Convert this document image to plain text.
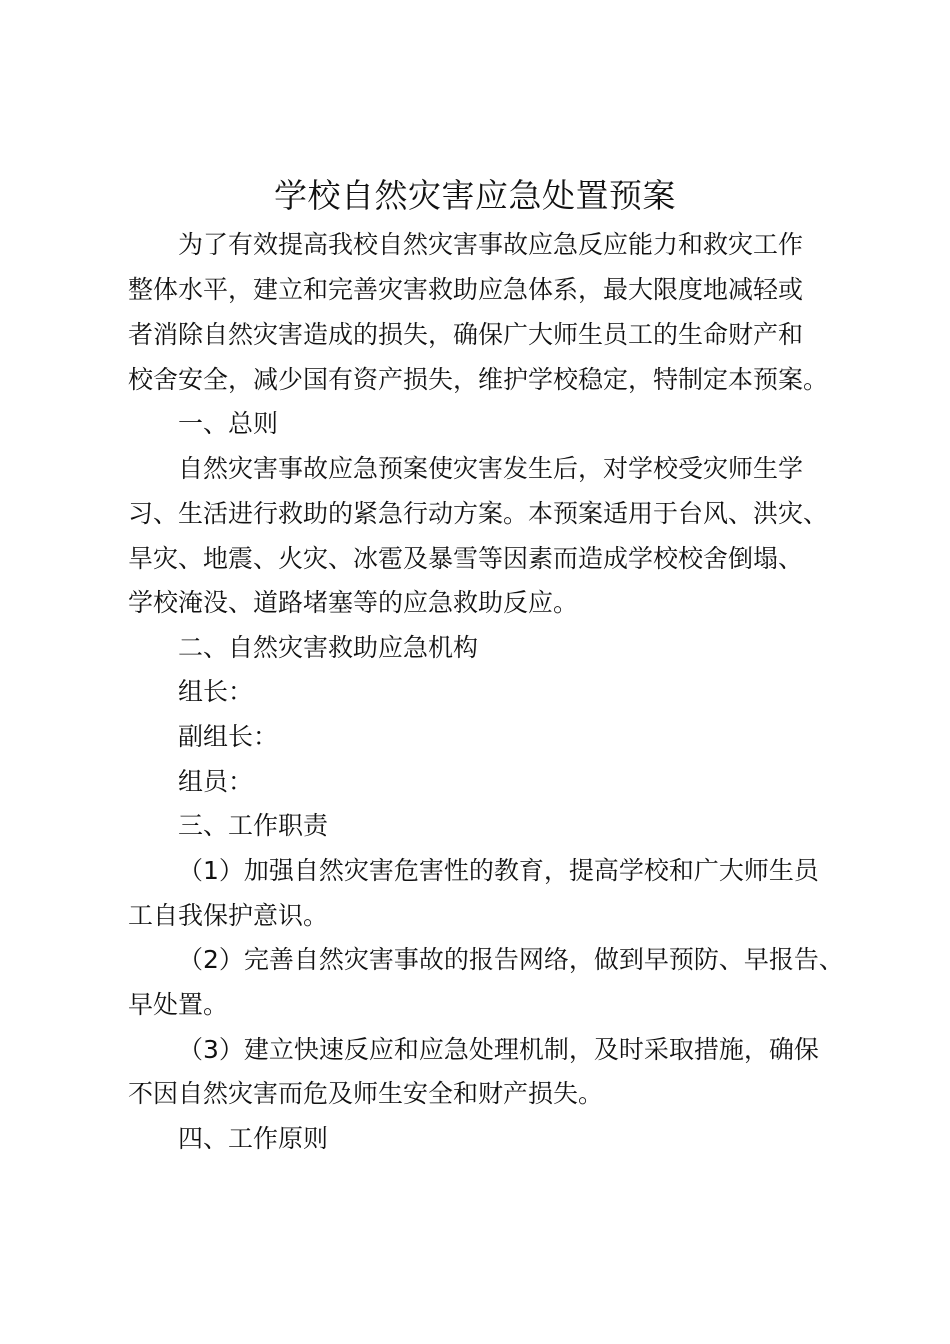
学校自然灾害应急处置预案
为了有效提高我校自然灾害事故应急反应能力和救灾工作
整体水平，建立和完善灾害救助应急体系，最大限度地减轻或
者消除自然灾害造成的损失，确保广大师生员工的生命财产和
校舍安全，减少国有资产损失，维护学校稳定，特制定本预案。
一、总则
自然灾害事故应急预案使灾害发生后，对学校受灾师生学
习、生活进行救助的紧急行动方案。本预案适用于台风、洪灾、
旱灾、地震、火灾、冰雹及暴雪等因素而造成学校校舍倒塌、
学校淹没、道路堵塞等的应急救助反应。
二、自然灾害救助应急机构
组长：
副组长：
组员：
三、工作职责
（1）加强自然灾害危害性的教育，提高学校和广大师生员
工自我保护意识。
（2）完善自然灾害事故的报告网络，做到早预防、早报告、
早处置。
（3）建立快速反应和应急处理机制，及时采取措施，确保
不因自然灾害而危及师生安全和财产损失。
四、工作原则
